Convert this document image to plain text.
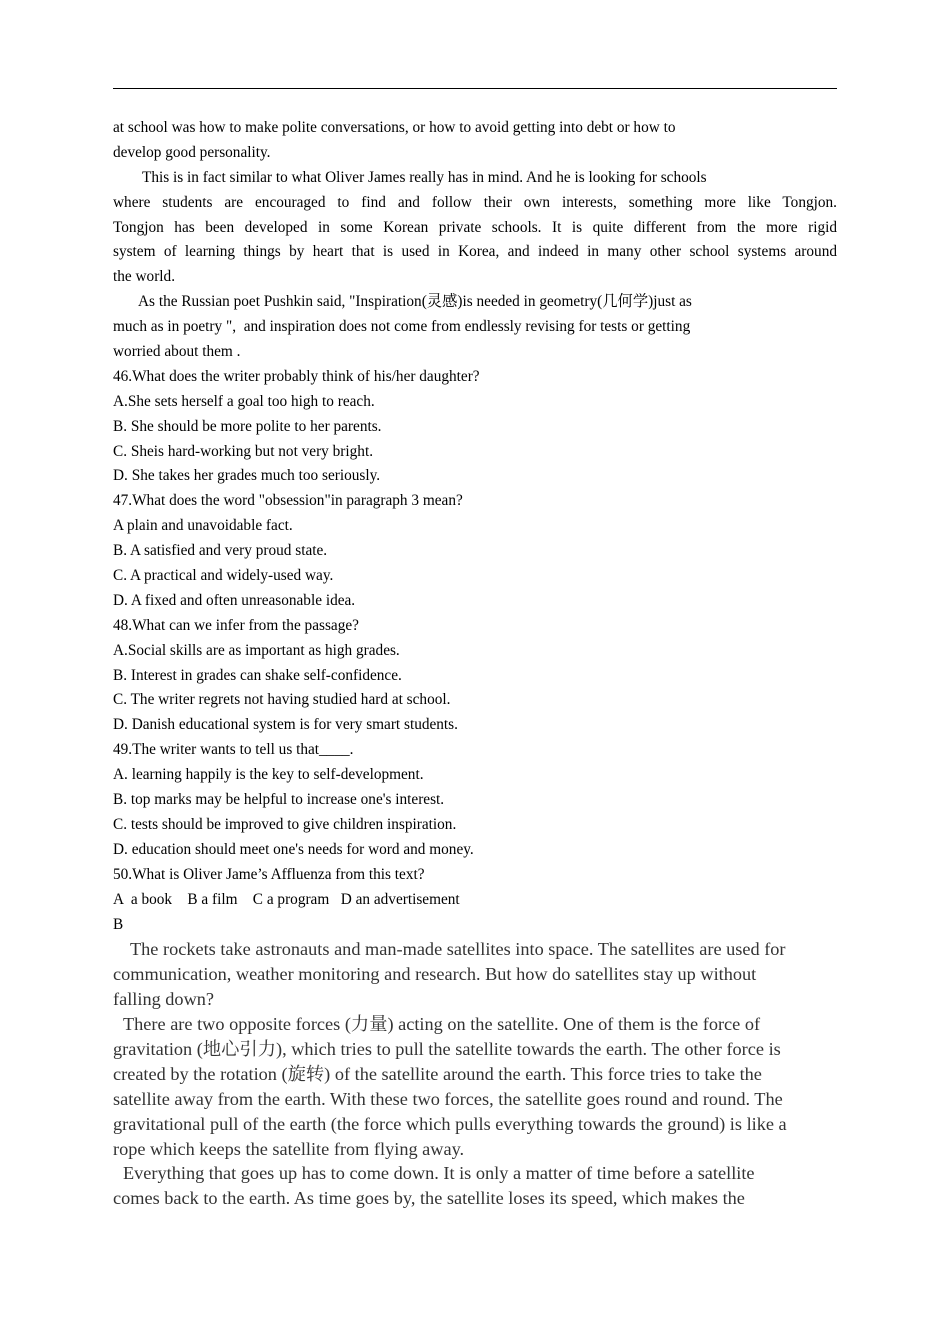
at school was how to make polite conversations, or how to avoid getting into debt or how to
develop good personality.
This is in fact similar to what Oliver James really has in mind. And he is looking for schools
where students are encouraged to find and follow their own interests, something more like Tongjon.
Tongjon has been developed in some Korean private schools. It is quite different from the more rigid
system of learning things by heart that is used in Korea, and indeed in many other school systems around
the world.
As the Russian poet Pushkin said, "Inspiration(灵感)is needed in geometry(几何学)just as
much as in poetry ",  and inspiration does not come from endlessly revising for tests or getting
worried about them .
46.What does the writer probably think of his/her daughter?
A.She sets herself a goal too high to reach.
B. She should be more polite to her parents.
C. Sheis hard-working but not very bright.
D. She takes her grades much too seriously.
47.What does the word "obsession"in paragraph 3 mean?
A plain and unavoidable fact.
B. A satisfied and very proud state.
C. A practical and widely-used way.
D. A fixed and often unreasonable idea.
48.What can we infer from the passage?
A.Social skills are as important as high grades.
B. Interest in grades can shake self-confidence.
C. The writer regrets not having studied hard at school.
D. Danish educational system is for very smart students.
49.The writer wants to tell us that____.
A. learning happily is the key to self-development.
B. top marks may be helpful to increase one's interest.
C. tests should be improved to give children inspiration.
D. education should meet one's needs for word and money.
50.What is Oliver Jame’s Affluenza from this text?
A  a book    B a film    C a program   D an advertisement
B
The rockets take astronauts and man-made satellites into space. The satellites are used for
communication, weather monitoring and research. But how do satellites stay up without
falling down?
There are two opposite forces (力量) acting on the satellite. One of them is the force of
gravitation (地心引力), which tries to pull the satellite towards the earth. The other force is
created by the rotation (旋转) of the satellite around the earth. This force tries to take the
satellite away from the earth. With these two forces, the satellite goes round and round. The
gravitational pull of the earth (the force which pulls everything towards the ground) is like a
rope which keeps the satellite from flying away.
Everything that goes up has to come down. It is only a matter of time before a satellite
comes back to the earth. As time goes by, the satellite loses its speed, which makes the
